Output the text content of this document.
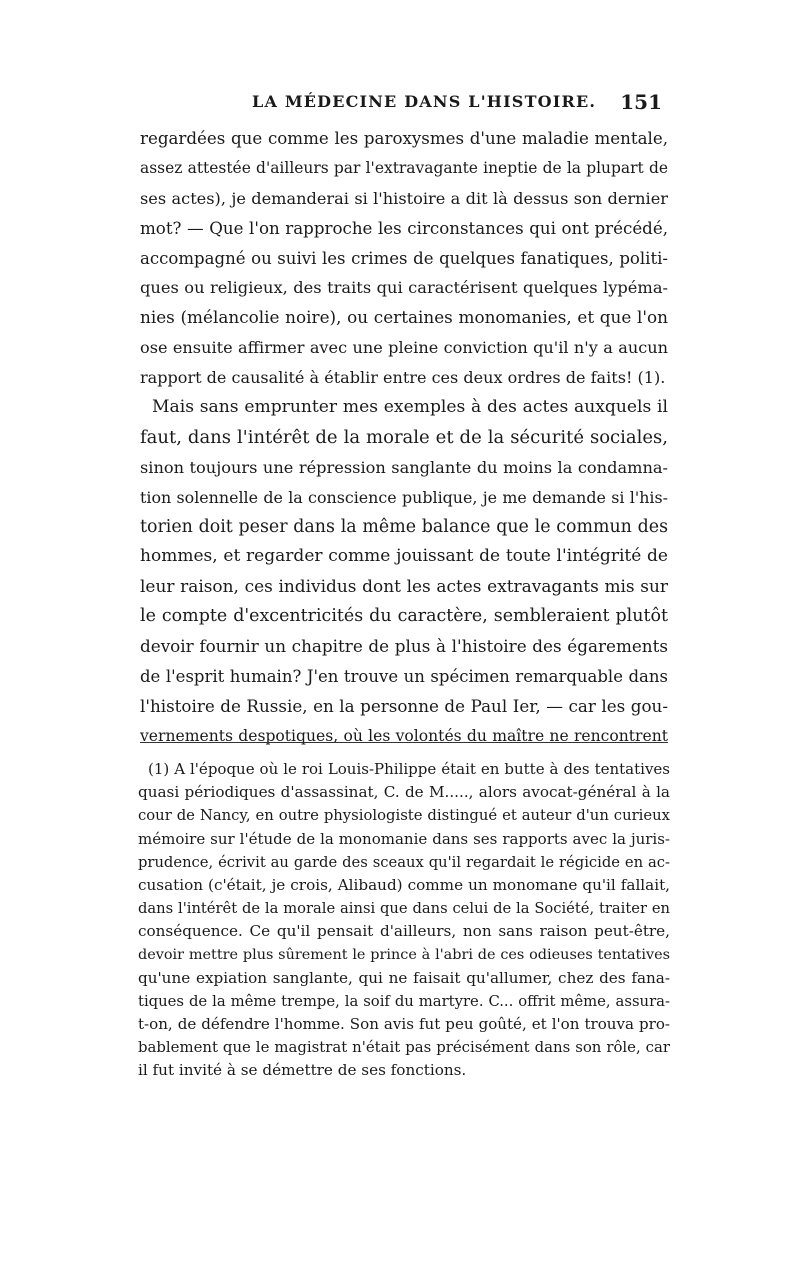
LA MÉDECINE DANS L'HISTOIRE. 151
regardées que comme les paroxysmes d'une maladie mentale,
assez attestée d'ailleurs par l'extravagante ineptie de la plupart de
ses actes), je demanderai si l'histoire a dit là dessus son dernier
mot? — Que l'on rapproche les circonstances qui ont précédé,
accompagné ou suivi les crimes de quelques fanatiques, politi-
ques ou religieux, des traits qui caractérisent quelques lypéma-
nies (mélancolie noire), ou certaines monomanies, et que l'on
ose ensuite affirmer avec une pleine conviction qu'il n'y a aucun
rapport de causalité à établir entre ces deux ordres de faits! (1).
Mais sans emprunter mes exemples à des actes auxquels il
faut, dans l'intérêt de la morale et de la sécurité sociales,
sinon toujours une répression sanglante du moins la condamna-
tion solennelle de la conscience publique, je me demande si l'his-
torien doit peser dans la même balance que le commun des
hommes, et regarder comme jouissant de toute l'intégrité de
leur raison, ces individus dont les actes extravagants mis sur
le compte d'excentricités du caractère, sembleraient plutôt
devoir fournir un chapitre de plus à l'histoire des égarements
de l'esprit humain? J'en trouve un spécimen remarquable dans
l'histoire de Russie, en la personne de Paul Ier, — car les gou-
vernements despotiques, où les volontés du maître ne rencontrent
(1) A l'époque où le roi Louis-Philippe était en butte à des tentatives
quasi périodiques d'assassinat, C. de M....., alors avocat-général à la
cour de Nancy, en outre physiologiste distingué et auteur d'un curieux
mémoire sur l'étude de la monomanie dans ses rapports avec la juris-
prudence, écrivit au garde des sceaux qu'il regardait le régicide en ac-
cusation (c'était, je crois, Alibaud) comme un monomane qu'il fallait,
dans l'intérêt de la morale ainsi que dans celui de la Société, traiter en
conséquence. Ce qu'il pensait d'ailleurs, non sans raison peut-être,
devoir mettre plus sûrement le prince à l'abri de ces odieuses tentatives
qu'une expiation sanglante, qui ne faisait qu'allumer, chez des fana-
tiques de la même trempe, la soif du martyre. C... offrit même, assura-
t-on, de défendre l'homme. Son avis fut peu goûté, et l'on trouva pro-
bablement que le magistrat n'était pas précisément dans son rôle, car
il fut invité à se démettre de ses fonctions.
